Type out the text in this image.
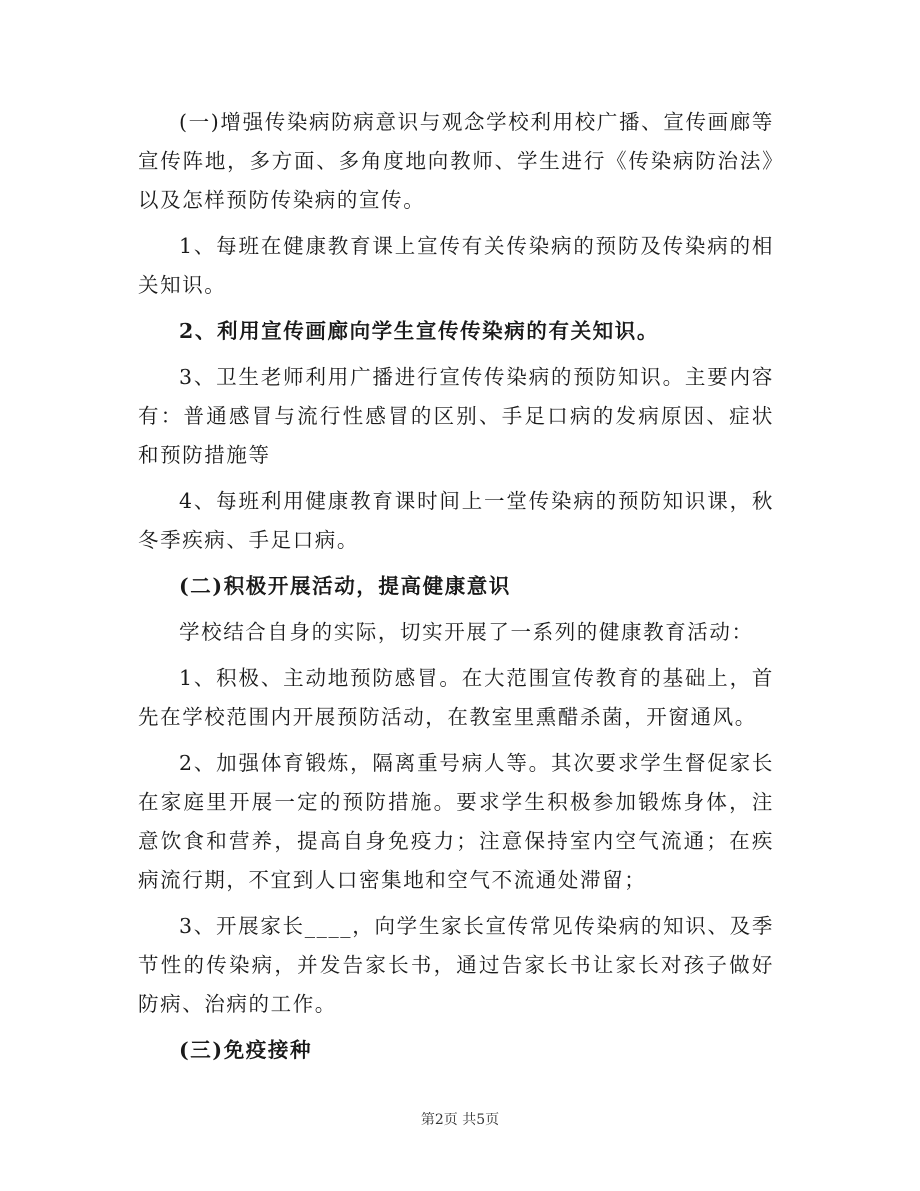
(一)增强传染病防病意识与观念学校利用校广播、宣传画廊等宣传阵地，多方面、多角度地向教师、学生进行《传染病防治法》以及怎样预防传染病的宣传。

1、每班在健康教育课上宣传有关传染病的预防及传染病的相关知识。

2、利用宣传画廊向学生宣传传染病的有关知识。

3、卫生老师利用广播进行宣传传染病的预防知识。主要内容有：普通感冒与流行性感冒的区别、手足口病的发病原因、症状和预防措施等

4、每班利用健康教育课时间上一堂传染病的预防知识课，秋冬季疾病、手足口病。

(二)积极开展活动，提高健康意识

学校结合自身的实际，切实开展了一系列的健康教育活动：

1、积极、主动地预防感冒。在大范围宣传教育的基础上，首先在学校范围内开展预防活动，在教室里熏醋杀菌，开窗通风。

2、加强体育锻炼，隔离重号病人等。其次要求学生督促家长在家庭里开展一定的预防措施。要求学生积极参加锻炼身体，注意饮食和营养，提高自身免疫力；注意保持室内空气流通；在疾病流行期，不宜到人口密集地和空气不流通处滞留；

3、开展家长____，向学生家长宣传常见传染病的知识、及季节性的传染病，并发告家长书，通过告家长书让家长对孩子做好防病、治病的工作。

(三)免疫接种

第2页 共5页
